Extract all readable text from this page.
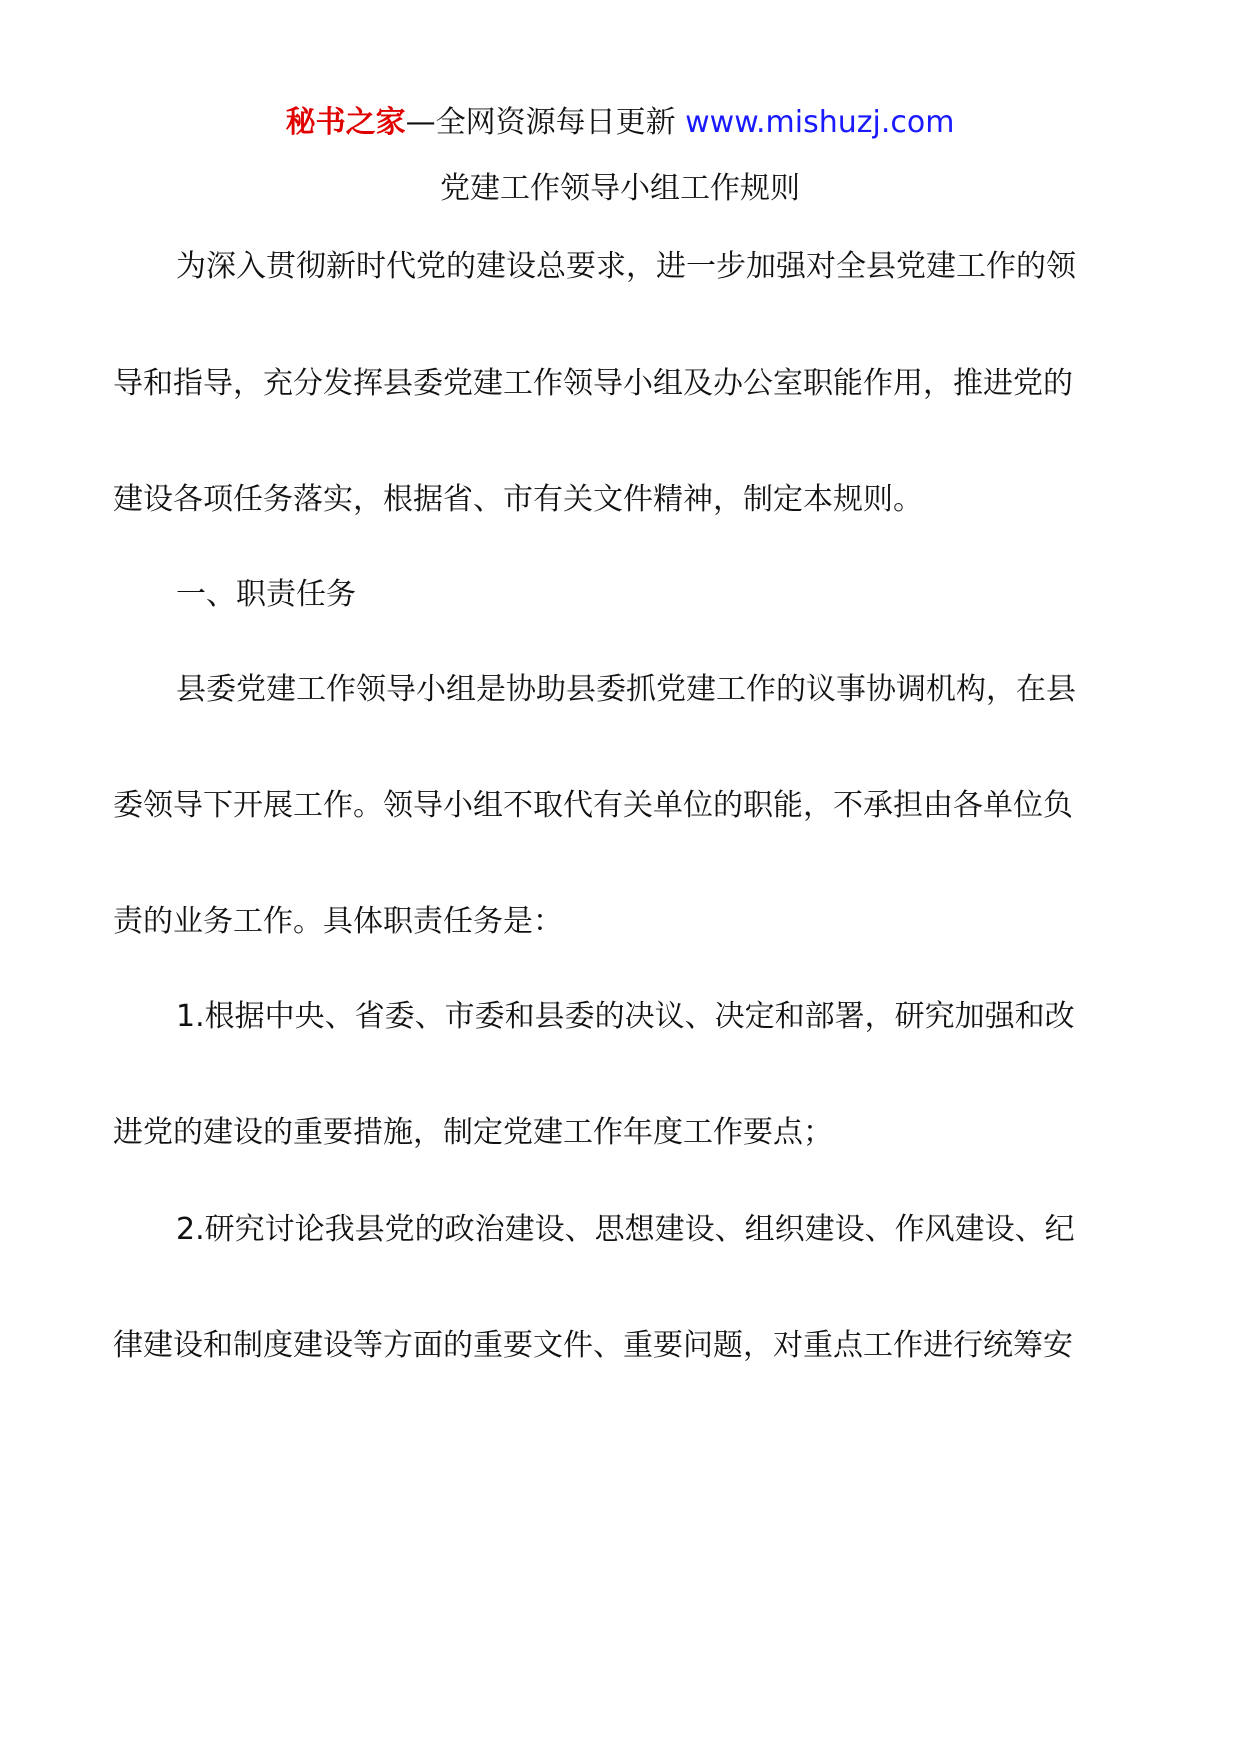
秘书之家—全网资源每日更新 www.mishuzj.com
党建工作领导小组工作规则
为深入贯彻新时代党的建设总要求，进一步加强对全县党建工作的领
导和指导，充分发挥县委党建工作领导小组及办公室职能作用，推进党的
建设各项任务落实，根据省、市有关文件精神，制定本规则。
一、职责任务
县委党建工作领导小组是协助县委抓党建工作的议事协调机构，在县
委领导下开展工作。领导小组不取代有关单位的职能，不承担由各单位负
责的业务工作。具体职责任务是：
1.根据中央、省委、市委和县委的决议、决定和部署，研究加强和改
进党的建设的重要措施，制定党建工作年度工作要点；
2.研究讨论我县党的政治建设、思想建设、组织建设、作风建设、纪
律建设和制度建设等方面的重要文件、重要问题，对重点工作进行统筹安
